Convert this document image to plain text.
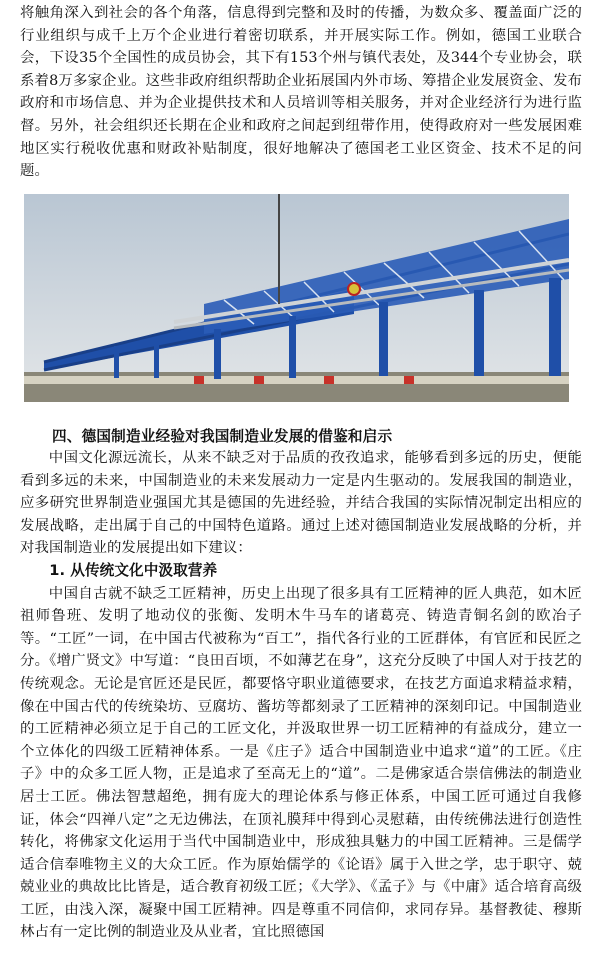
将触角深入到社会的各个角落，信息得到完整和及时的传播，为数众多、覆盖面广泛的行业组织与成千上万个企业进行着密切联系，并开展实际工作。例如，德国工业联合会，下设35个全国性的成员协会，其下有153个州与镇代表处，及344个专业协会，联系着8万多家企业。这些非政府组织帮助企业拓展国内外市场、筹措企业发展资金、发布政府和市场信息、并为企业提供技术和人员培训等相关服务，并对企业经济行为进行监督。另外，社会组织还长期在企业和政府之间起到纽带作用，使得政府对一些发展困难地区实行税收优惠和财政补贴制度，很好地解决了德国老工业区资金、技术不足的问题。

四、德国制造业经验对我国制造业发展的借鉴和启示

中国文化源远流长，从来不缺乏对于品质的孜孜追求，能够看到多远的历史，便能看到多远的未来，中国制造业的未来发展动力一定是内生驱动的。发展我国的制造业，应多研究世界制造业强国尤其是德国的先进经验，并结合我国的实际情况制定出相应的发展战略，走出属于自己的中国特色道路。通过上述对德国制造业发展战略的分析，并对我国制造业的发展提出如下建议：

1. 从传统文化中汲取营养

中国自古就不缺乏工匠精神，历史上出现了很多具有工匠精神的匠人典范，如木匠祖师鲁班、发明了地动仪的张衡、发明木牛马车的诸葛亮、铸造青铜名剑的欧冶子等。“工匠”一词，在中国古代被称为“百工”，指代各行业的工匠群体，有官匠和民匠之分。《增广贤文》中写道：“良田百顷，不如薄艺在身”，这充分反映了中国人对于技艺的传统观念。无论是官匠还是民匠，都要恪守职业道德要求，在技艺方面追求精益求精，像在中国古代的传统染坊、豆腐坊、酱坊等都刻录了工匠精神的深刻印记。中国制造业的工匠精神必须立足于自己的工匠文化，并汲取世界一切工匠精神的有益成分，建立一个立体化的四级工匠精神体系。一是《庄子》适合中国制造业中追求“道”的工匠。《庄子》中的众多工匠人物，正是追求了至高无上的“道”。二是佛家适合崇信佛法的制造业居士工匠。佛法智慧超绝，拥有庞大的理论体系与修正体系，中国工匠可通过自我修证，体会“四禅八定”之无边佛法，在顶礼膜拜中得到心灵慰藉，由传统佛法进行创造性转化，将佛家文化运用于当代中国制造业中，形成独具魅力的中国工匠精神。三是儒学适合信奉唯物主义的大众工匠。作为原始儒学的《论语》属于入世之学，忠于职守、兢兢业业的典故比比皆是，适合教育初级工匠；《大学》、《孟子》与《中庸》适合培育高级工匠，由浅入深，凝聚中国工匠精神。四是尊重不同信仰，求同存异。基督教徒、穆斯林占有一定比例的制造业及从业者，宜比照德国
